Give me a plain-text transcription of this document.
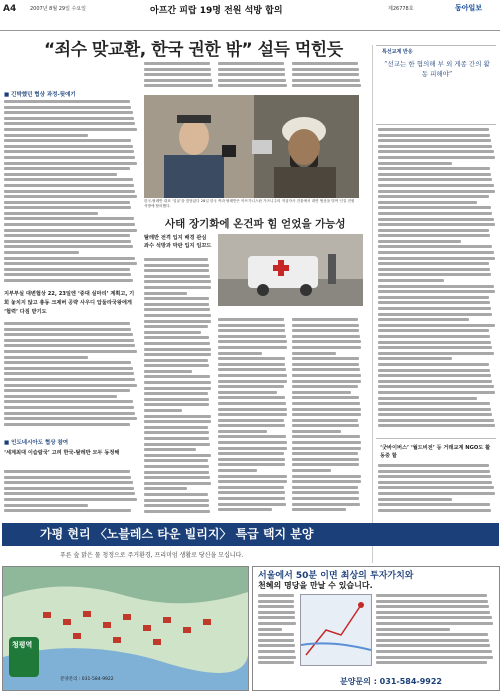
A4	2007년 8월 29일 수요일	아프간 피랍 19명 전원 석방 합의	제26778호	동아일보
“죄수 맞교환, 한국 권한 밖” 설득 먹힌듯
■ 긴박했던 협상 과정-뒷얘기
지부부실 대변협상 22, 23일엔 ‘중대 실마리’ 계획고, 기회 놓치지 않고 총동 크제버 공략 사우디 압둘라국왕에게 ‘협력’ 다짐 받기도
■ 인도네시아도 협상 참여
‘세계최대 이슬람국’ 고려 한국-탈레반 모두 동정해
한국-탈레반 대표 ‘얼굴’을 맞닿았다 28일 한국 측과 탈레반은 아프가니스탄 가즈니주의 적십자사 건물에서 대면 협상을 벌여 인질 전원 석방에 합의했다.
사태 장기화에 온건파 힘 얻었을 가능성
탈레반 전격 입지 배경 관심 좌수 석방과 막판 입지 임꼬드
특선교계 반응
“선교는 한 협의해 부 외 게종 간의 활동 피해야”
‘굿바이버스’ ‘월드비전’ 등 거래교계 NGO도 활동중 할
가평 현리 〈노블레스 타운 빌리지〉 특급 택지 분양
푸른 숲 맑은 물 청정으로 주거환경, 프리미엄 생활로 당신을 모십니다.
청평역
분양문의 : 031-584-9922
서울에서 50분 이면 최상의 투자가치와
천혜의 명당을 만날 수 있습니다.
분양문의 : 031-584-9922
